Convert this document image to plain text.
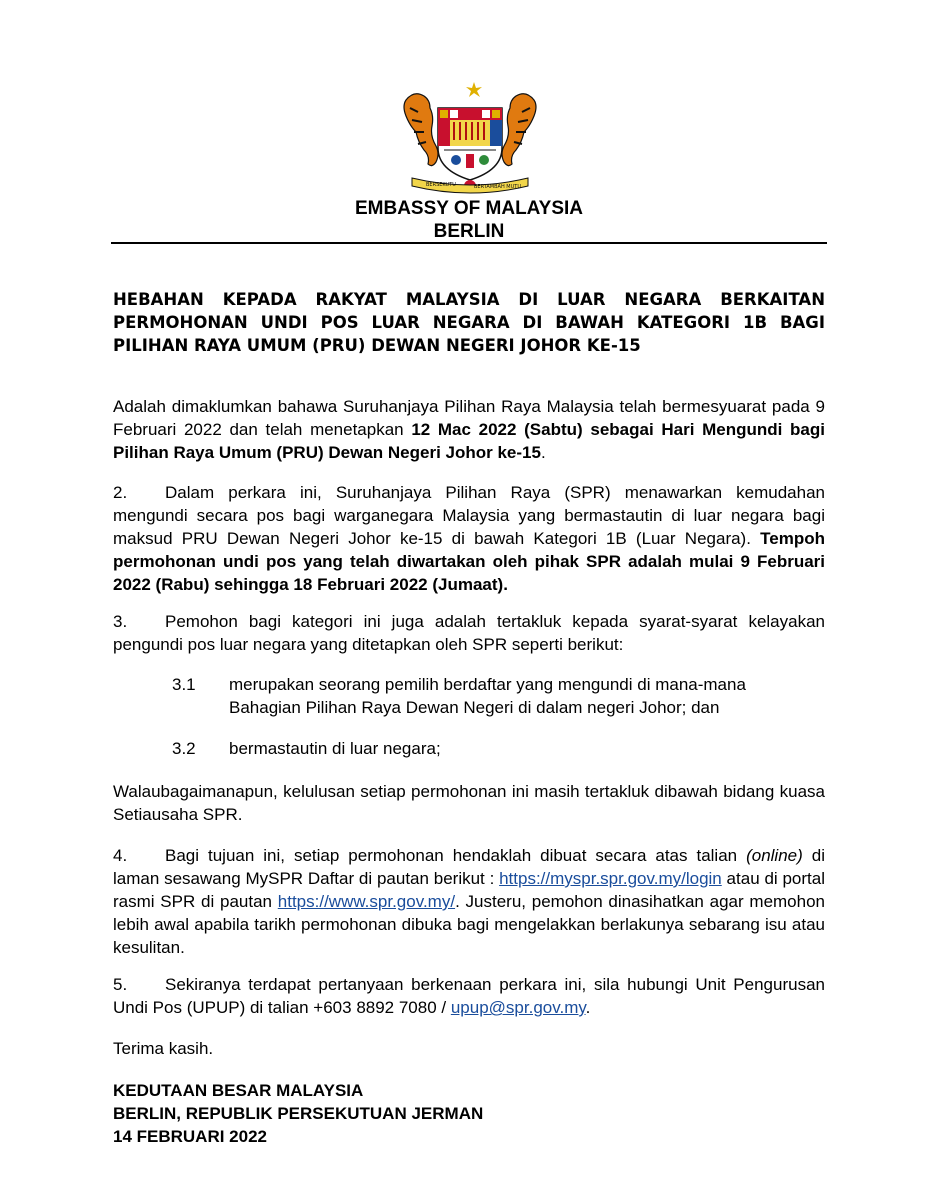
BERSEKUTU	BERTAMBAH MUTU
EMBASSY OF MALAYSIA
BERLIN
HEBAHAN KEPADA RAKYAT MALAYSIA DI LUAR NEGARA BERKAITAN PERMOHONAN UNDI POS LUAR NEGARA DI BAWAH KATEGORI 1B BAGI PILIHAN RAYA UMUM (PRU) DEWAN NEGERI JOHOR KE-15
Adalah dimaklumkan bahawa Suruhanjaya Pilihan Raya Malaysia telah bermesyuarat pada 9 Februari 2022 dan telah menetapkan 12 Mac 2022 (Sabtu) sebagai Hari Mengundi bagi Pilihan Raya Umum (PRU) Dewan Negeri Johor ke-15.
2. Dalam perkara ini, Suruhanjaya Pilihan Raya (SPR) menawarkan kemudahan mengundi secara pos bagi warganegara Malaysia yang bermastautin di luar negara bagi maksud PRU Dewan Negeri Johor ke-15 di bawah Kategori 1B (Luar Negara). Tempoh permohonan undi pos yang telah diwartakan oleh pihak SPR adalah mulai 9 Februari 2022 (Rabu) sehingga 18 Februari 2022 (Jumaat).
3. Pemohon bagi kategori ini juga adalah tertakluk kepada syarat-syarat kelayakan pengundi pos luar negara yang ditetapkan oleh SPR seperti berikut:
3.1 merupakan seorang pemilih berdaftar yang mengundi di mana-mana
Bahagian Pilihan Raya Dewan Negeri di dalam negeri Johor; dan
3.2 bermastautin di luar negara;
Walaubagaimanapun, kelulusan setiap permohonan ini masih tertakluk dibawah bidang kuasa Setiausaha SPR.
4. Bagi tujuan ini, setiap permohonan hendaklah dibuat secara atas talian (online) di laman sesawang MySPR Daftar di pautan berikut : https://myspr.spr.gov.my/login atau di portal rasmi SPR di pautan https://www.spr.gov.my/. Justeru, pemohon dinasihatkan agar memohon lebih awal apabila tarikh permohonan dibuka bagi mengelakkan berlakunya sebarang isu atau kesulitan.
5. Sekiranya terdapat pertanyaan berkenaan perkara ini, sila hubungi Unit Pengurusan Undi Pos (UPUP) di talian +603 8892 7080 / upup@spr.gov.my.
Terima kasih.
KEDUTAAN BESAR MALAYSIA
BERLIN, REPUBLIK PERSEKUTUAN JERMAN
14 FEBRUARI 2022
